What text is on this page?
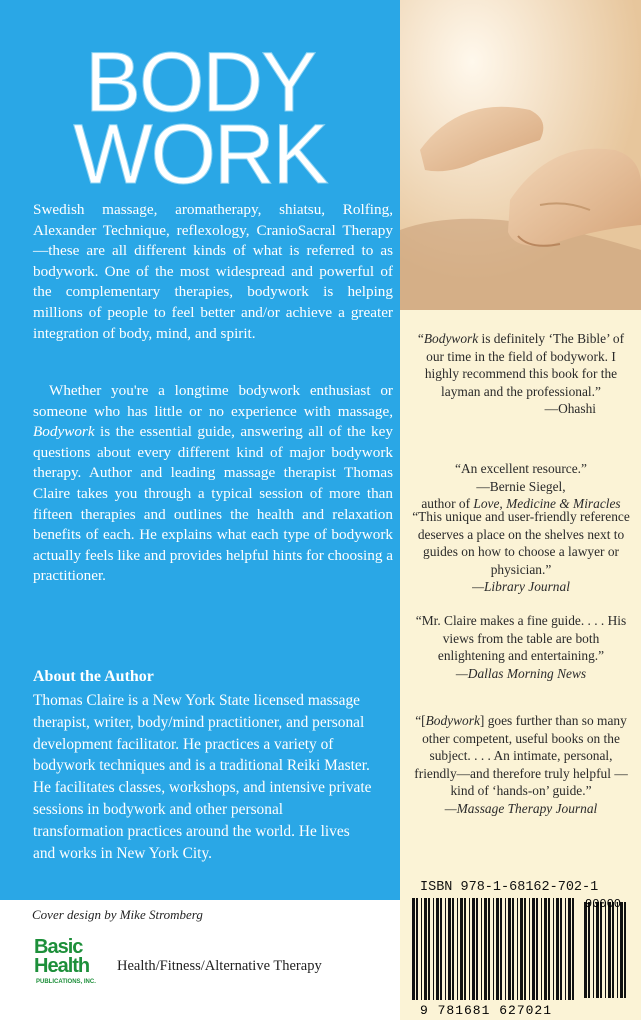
BODY
WORK
Swedish massage, aromatherapy, shiatsu, Rolfing, Alexander Technique, reflexology, CranioSacral Therapy—these are all different kinds of what is referred to as bodywork. One of the most widespread and powerful of the complementary therapies, bodywork is helping millions of people to feel better and/or achieve a greater integration of body, mind, and spirit.
Whether you're a longtime bodywork enthusiast or someone who has little or no experience with massage, Bodywork is the essential guide, answering all of the key questions about every different kind of major bodywork therapy. Author and leading massage therapist Thomas Claire takes you through a typical session of more than fifteen therapies and outlines the health and relaxation benefits of each. He explains what each type of bodywork actually feels like and provides helpful hints for choosing a practitioner.
About the Author
Thomas Claire is a New York State licensed massage therapist, writer, body/mind practitioner, and personal development facilitator. He practices a variety of bodywork techniques and is a traditional Reiki Master. He facilitates classes, workshops, and intensive private sessions in bodywork and other personal transformation practices around the world. He lives and works in New York City.
“Bodywork is definitely ‘The Bible’ of our time in the field of bodywork. I highly recommend this book for the layman and the professional.”
—Ohashi
“An excellent resource.”
—Bernie Siegel,
author of Love, Medicine & Miracles
“This unique and user-friendly reference deserves a place on the shelves next to guides on how to choose a lawyer or physician.”
—Library Journal
“Mr. Claire makes a fine guide. . . . His views from the table are both enlightening and entertaining.”
—Dallas Morning News
“[Bodywork] goes further than so many other competent, useful books on the subject. . . . An intimate, personal, friendly—and therefore truly helpful —kind of ‘hands-on’ guide.”
—Massage Therapy Journal
ISBN 978-1-68162-702-1
90000
9 781681 627021
Cover design by Mike Stromberg
Basic
Health
PUBLICATIONS, INC.
Health/Fitness/Alternative Therapy
